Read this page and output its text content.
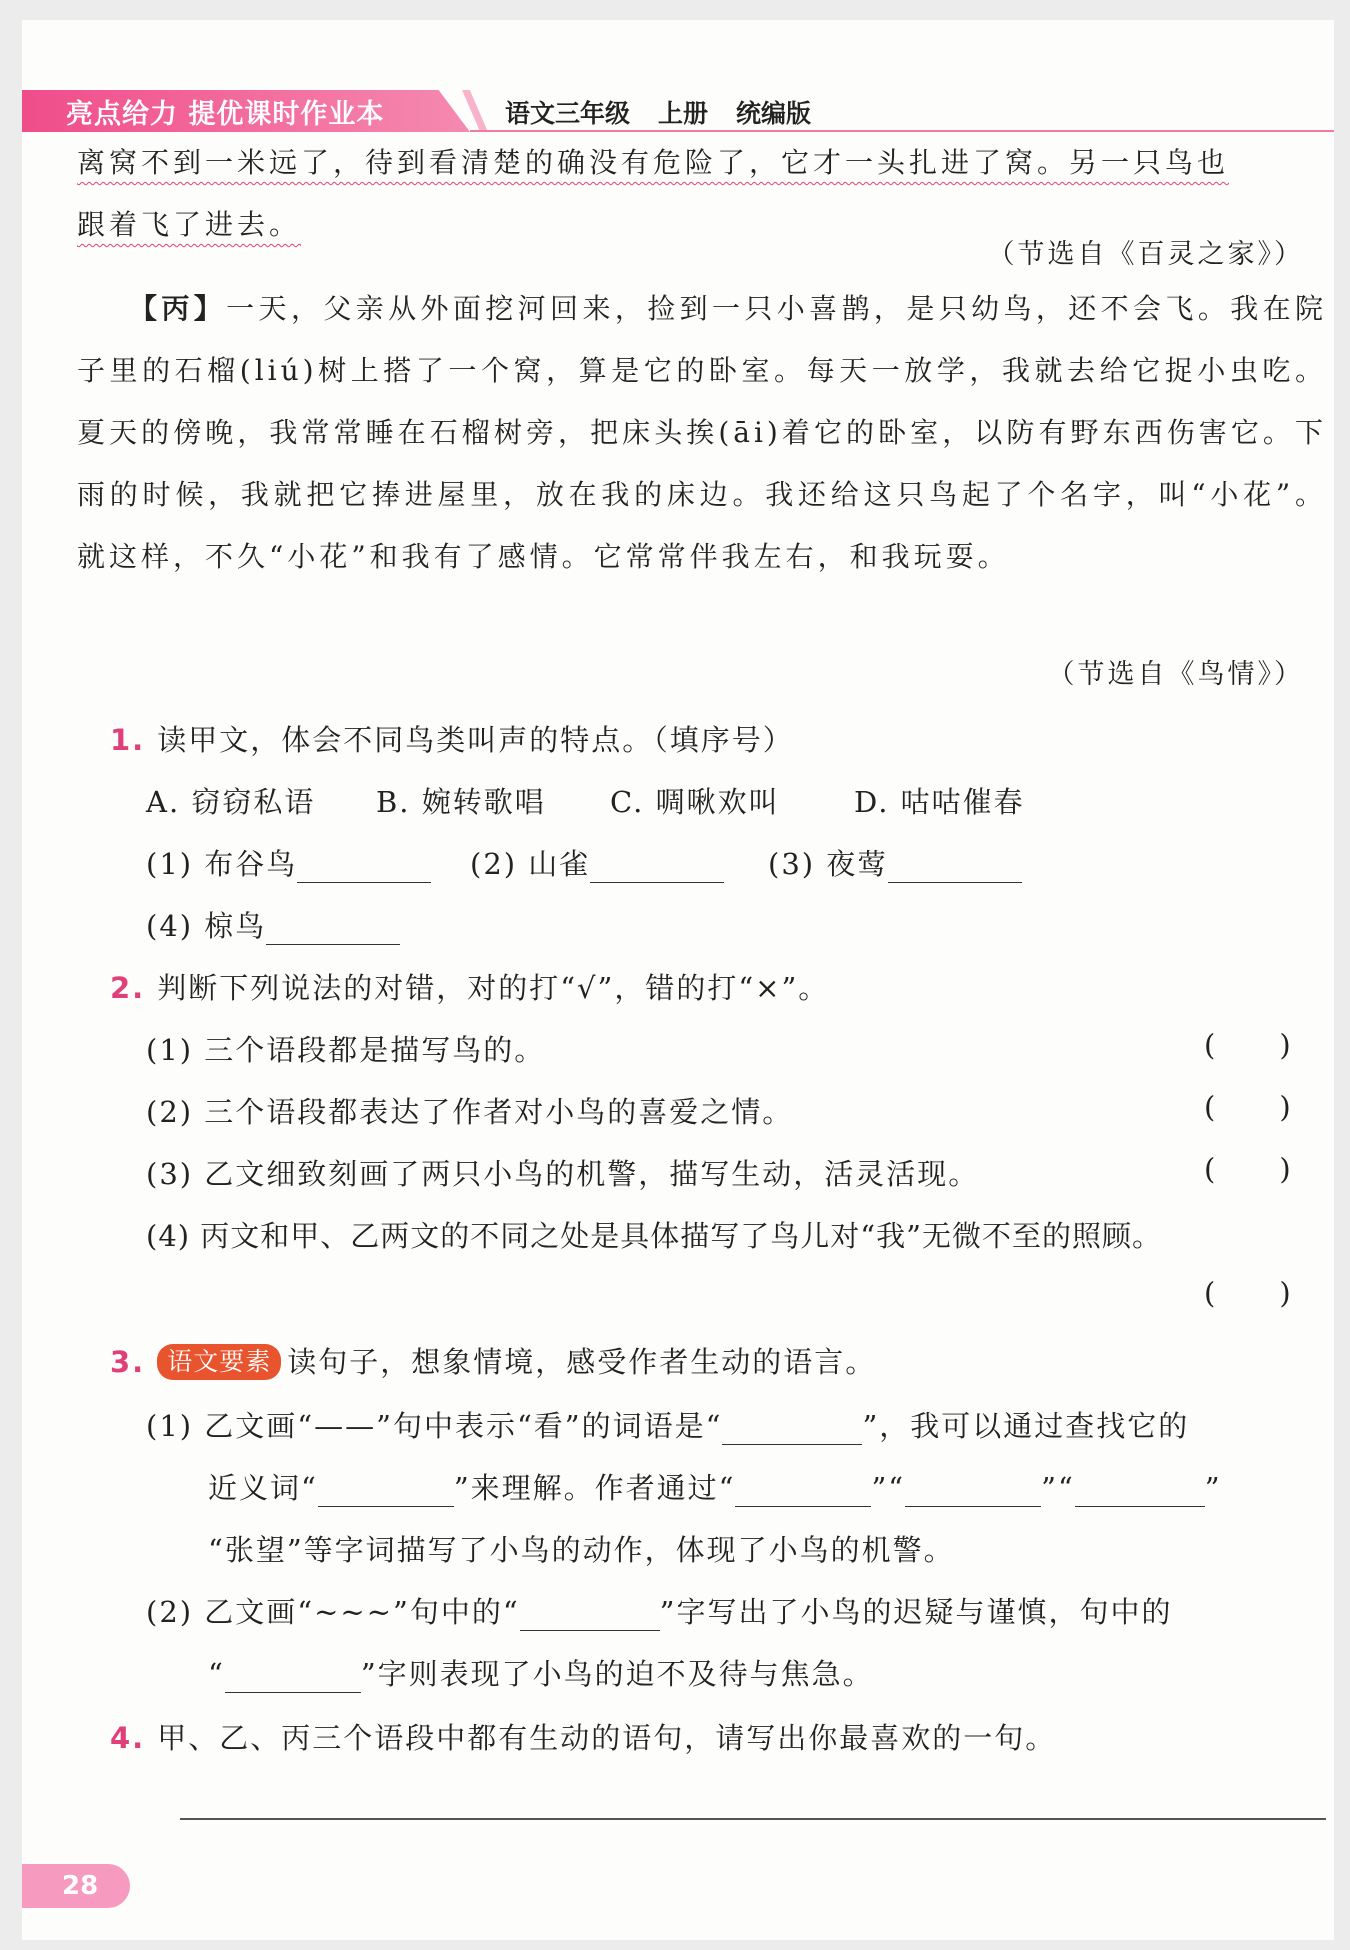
亮点给力 提优课时作业本	语文三年级 上册 统编版
离窝不到一米远了，待到看清楚的确没有危险了，它才一头扎进了窝。另一只鸟也
跟着飞了进去。
（节选自《百灵之家》）
【丙】一天，父亲从外面挖河回来，捡到一只小喜鹊，是只幼鸟，还不会飞。我在院子里的石榴(liú)树上搭了一个窝，算是它的卧室。每天一放学，我就去给它捉小虫吃。夏天的傍晚，我常常睡在石榴树旁，把床头挨(āi)着它的卧室，以防有野东西伤害它。下雨的时候，我就把它捧进屋里，放在我的床边。我还给这只鸟起了个名字，叫“小花”。就这样，不久“小花”和我有了感情。它常常伴我左右，和我玩耍。
（节选自《鸟情》）
1. 读甲文，体会不同鸟类叫声的特点。（填序号）
A. 窃窃私语 B. 婉转歌唱 C. 啁啾欢叫	D. 咕咕催春
(1) 布谷鸟	(2) 山雀	(3) 夜莺
(4) 椋鸟
2. 判断下列说法的对错，对的打“√”，错的打“×”。
(1) 三个语段都是描写鸟的。	( )
(2) 三个语段都表达了作者对小鸟的喜爱之情。	( )
(3) 乙文细致刻画了两只小鸟的机警，描写生动，活灵活现。	( )
(4) 丙文和甲、乙两文的不同之处是具体描写了鸟儿对“我”无微不至的照顾。
( )
3. 语文要素 读句子，想象情境，感受作者生动的语言。
(1) 乙文画“——”句中表示“看”的词语是“	”，我可以通过查找它的
近义词“	”来理解。作者通过“	”“	”“	”
“张望”等字词描写了小鸟的动作，体现了小鸟的机警。
(2) 乙文画“~~~”句中的“	”字写出了小鸟的迟疑与谨慎，句中的
“	”字则表现了小鸟的迫不及待与焦急。
4. 甲、乙、丙三个语段中都有生动的语句，请写出你最喜欢的一句。
28
